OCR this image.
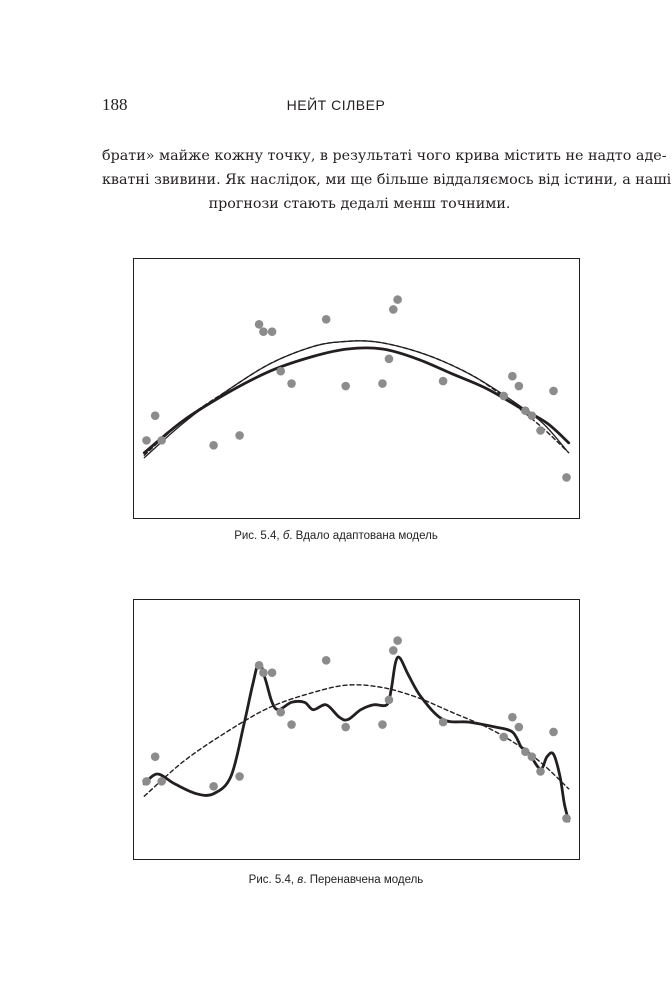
188	НЕЙТ СІЛВЕР

брати» майже кожну точку, в результаті чого крива містить не надто аде-
кватні звивини. Як наслідок, ми ще більше віддаляємось від істини, а наші
прогнози стають дедалі менш точними.

Рис. 5.4, б. Вдало адаптована модель
Рис. 5.4, в. Перенавчена модель
